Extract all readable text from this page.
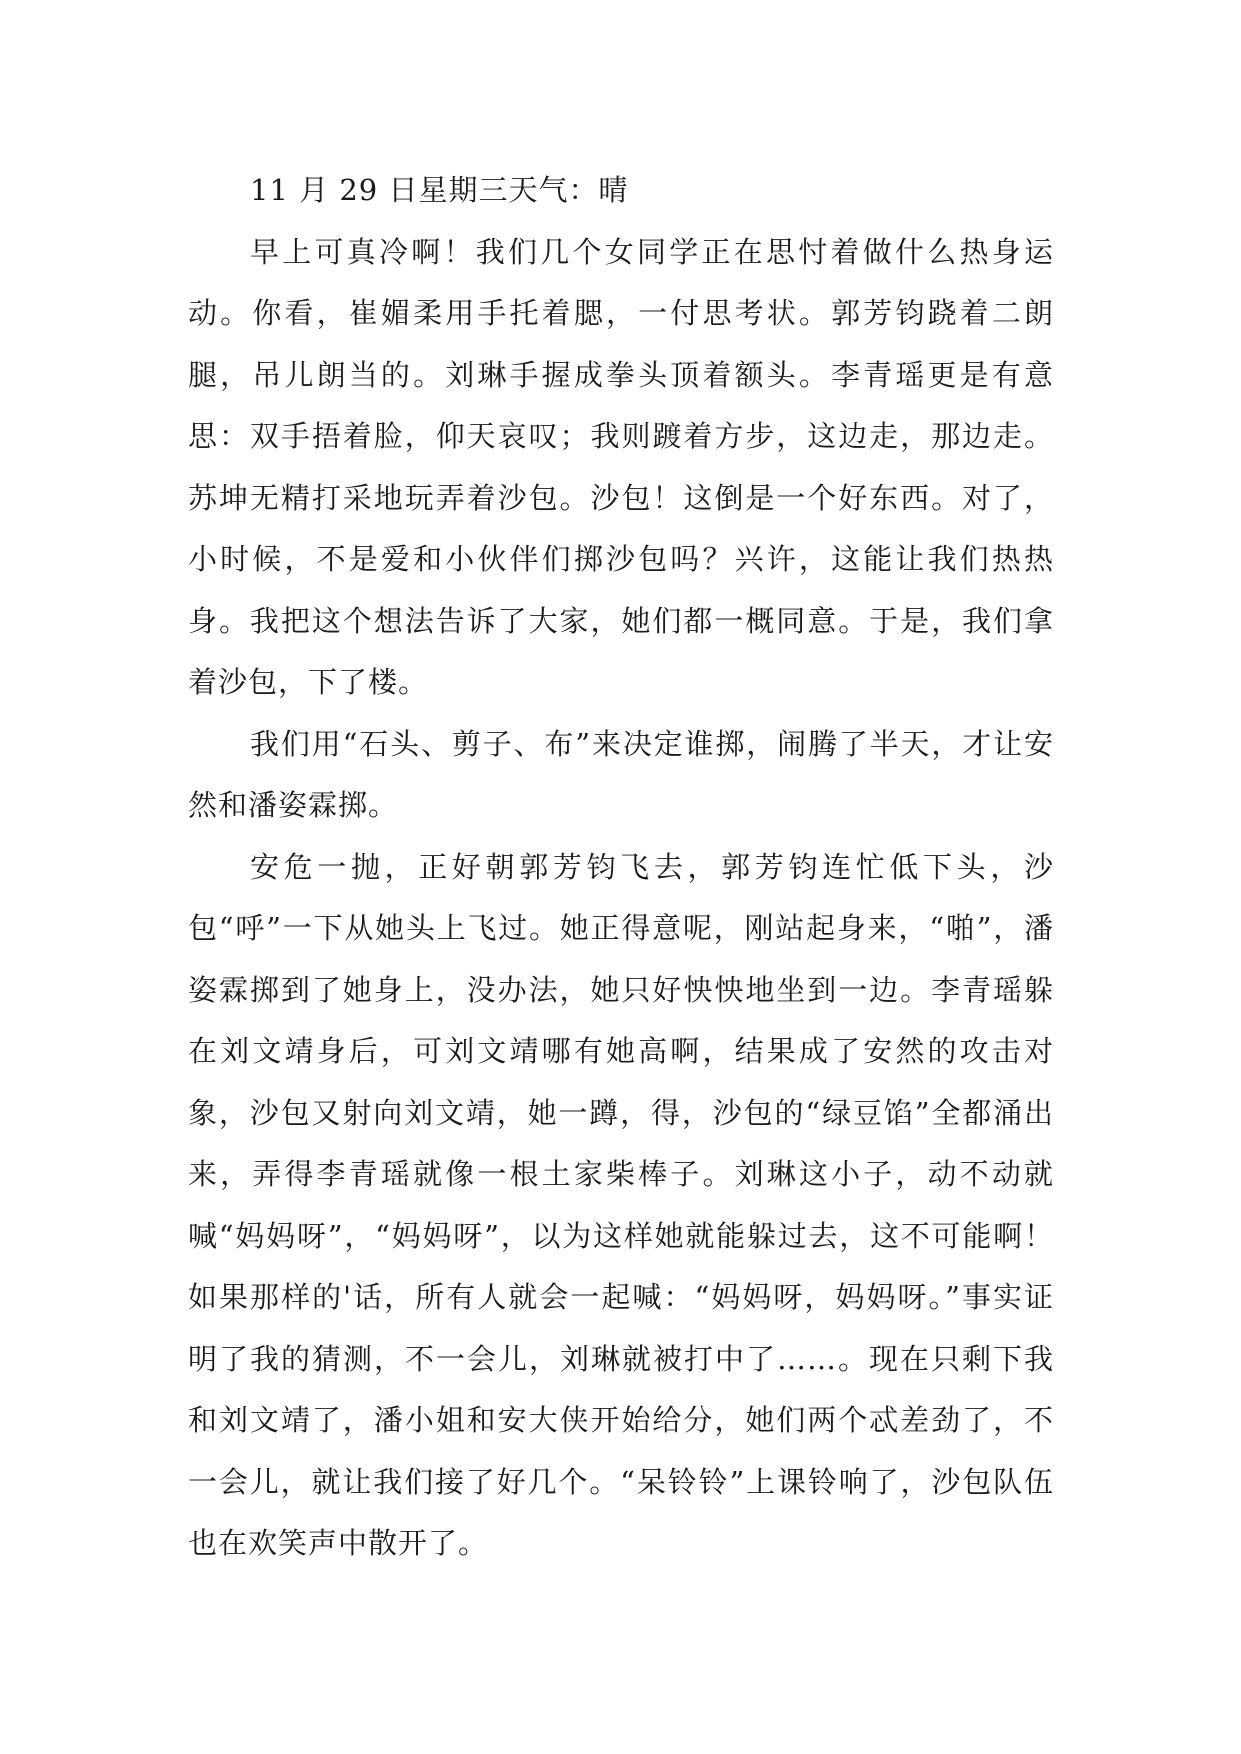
11 月 29 日星期三天气：晴

早上可真冷啊！我们几个女同学正在思忖着做什么热身运动。你看，崔媚柔用手托着腮，一付思考状。郭芳钧跷着二朗腿，吊儿朗当的。刘琳手握成拳头顶着额头。李青瑶更是有意思：双手捂着脸，仰天哀叹；我则踱着方步，这边走，那边走。苏坤无精打采地玩弄着沙包。沙包！这倒是一个好东西。对了，小时候，不是爱和小伙伴们掷沙包吗？兴许，这能让我们热热身。我把这个想法告诉了大家，她们都一概同意。于是，我们拿着沙包，下了楼。

我们用“石头、剪子、布”来决定谁掷，闹腾了半天，才让安然和潘姿霖掷。

安危一抛，正好朝郭芳钧飞去，郭芳钧连忙低下头，沙包“呼”一下从她头上飞过。她正得意呢，刚站起身来，“啪”，潘姿霖掷到了她身上，没办法，她只好怏怏地坐到一边。李青瑶躲在刘文靖身后，可刘文靖哪有她高啊，结果成了安然的攻击对象，沙包又射向刘文靖，她一蹲，得，沙包的“绿豆馅”全都涌出来，弄得李青瑶就像一根土家柴棒子。刘琳这小子，动不动就喊“妈妈呀”，“妈妈呀”，以为这样她就能躲过去，这不可能啊！如果那样的'话，所有人就会一起喊：“妈妈呀，妈妈呀。”事实证明了我的猜测，不一会儿，刘琳就被打中了……。现在只剩下我和刘文靖了，潘小姐和安大侠开始给分，她们两个忒差劲了，不一会儿，就让我们接了好几个。“呆铃铃”上课铃响了，沙包队伍也在欢笑声中散开了。
